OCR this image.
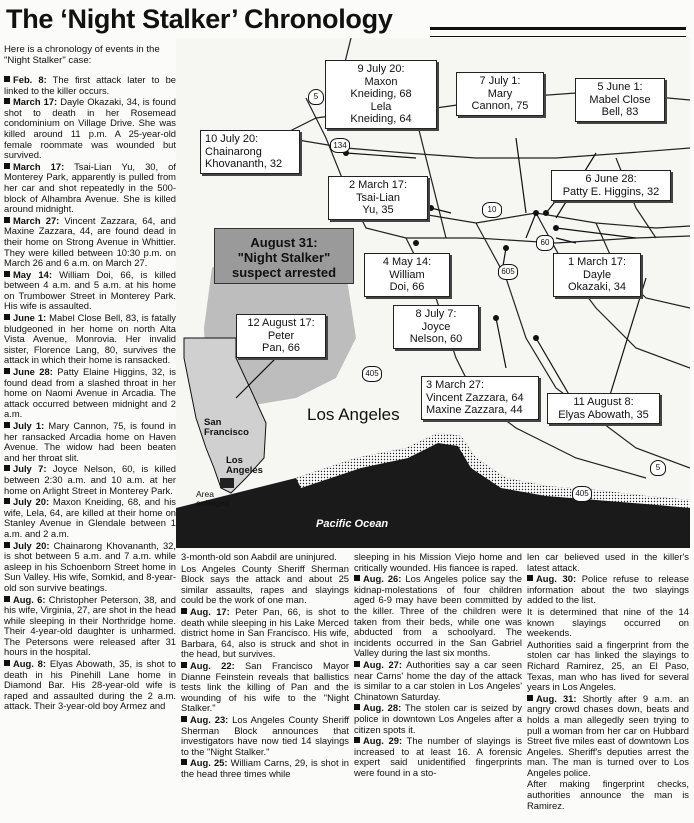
The ‘Night Stalker’ Chronology
Here is a chronology of events in the "Night Stalker" case:
Feb. 8: The first attack later to be linked to the killer occurs.
March 17: Dayle Okazaki, 34, is found shot to death in her Rosemead condominium on Village Drive. She was killed around 11 p.m. A 25-year-old female roommate was wounded but survived.
March 17: Tsai-Lian Yu, 30, of Monterey Park, apparently is pulled from her car and shot repeatedly in the 500-block of Alhambra Avenue. She is killed around midnight.
March 27: Vincent Zazzara, 64, and Maxine Zazzara, 44, are found dead in their home on Strong Avenue in Whittier. They were killed between 10:30 p.m. on March 26 and 6 a.m. on March 27.
May 14: William Doi, 66, is killed between 4 a.m. and 5 a.m. at his home on Trumbower Street in Monterey Park. His wife is assaulted.
June 1: Mabel Close Bell, 83, is fatally bludgeoned in her home on north Alta Vista Avenue, Monrovia. Her invalid sister, Florence Lang, 80, survives the attack in which their home is ransacked.
June 28: Patty Elaine Higgins, 32, is found dead from a slashed throat in her home on Naomi Avenue in Arcadia. The attack occurred between midnight and 2 a.m.
July 1: Mary Cannon, 75, is found in her ransacked Arcadia home on Haven Avenue. The widow had been beaten and her throat slit.
July 7: Joyce Nelson, 60, is killed between 2:30 a.m. and 10 a.m. at her home on Arlight Street in Monterey Park.
July 20: Maxon Kneiding, 68, and his wife, Lela, 64, are killed at their home on Stanley Avenue in Glendale between 1 a.m. and 2 a.m.
July 20: Chainarong Khovananth, 32, is shot between 5 a.m. and 7 a.m. while asleep in his Schoenborn Street home in Sun Valley. His wife, Somkid, and 8-year-old son survive beatings.
Aug. 6: Christopher Peterson, 38, and his wife, Virginia, 27, are shot in the head while sleeping in their Northridge home. Their 4-year-old daughter is unharmed. The Petersons were released after 31 hours in the hospital.
Aug. 8: Elyas Abowath, 35, is shot to death in his Pinehill Lane home in Diamond Bar. His 28-year-old wife is raped and assaulted during the 2 a.m. attack. Their 3-year-old boy Armez and
5
134
10
60
605
405
405
5
9 July 20:
Maxon
Kneiding, 68
Lela
Kneiding, 64
7 July 1:
Mary
Cannon, 75
5 June 1:
Mabel Close
Bell, 83
10 July 20:
Chainarong
Khovananth, 32
2 March 17:
Tsai-Lian
Yu, 35
6 June 28:
Patty E. Higgins, 32
4 May 14:
William
Doi, 66
1 March 17:
Dayle
Okazaki, 34
12 August 17:
Peter
Pan, 66
8 July 7:
Joyce
Nelson, 60
3 March 27:
Vincent Zazzara, 64
Maxine Zazzara, 44
11 August 8:
Elyas Abowath, 35
August 31:
"Night Stalker"
suspect arrested
Los Angeles
Pacific Ocean
San
Francisco
Los
Angeles
Area
enlarged
3-month-old son Aabdil are uninjured.
Los Angeles County Sheriff Sherman Block says the attack and about 25 similar assaults, rapes and slayings could be the work of one man.
Aug. 17: Peter Pan, 66, is shot to death while sleeping in his Lake Merced district home in San Francisco. His wife, Barbara, 64, also is struck and shot in the head, but survives.
Aug. 22: San Francisco Mayor Dianne Feinstein reveals that ballistics tests link the killing of Pan and the wounding of his wife to the "Night Stalker."
Aug. 23: Los Angeles County Sheriff Sherman Block announces that investigators have now tied 14 slayings to the "Night Stalker."
Aug. 25: William Carns, 29, is shot in the head three times while
sleeping in his Mission Viejo home and critically wounded. His fiancee is raped.
Aug. 26: Los Angeles police say the kidnap-molestations of four children aged 6-9 may have been committed by the killer. Three of the children were taken from their beds, while one was abducted from a schoolyard. The incidents occurred in the San Gabriel Valley during the last six months.
Aug. 27: Authorities say a car seen near Carns' home the day of the attack is similar to a car stolen in Los Angeles' Chinatown Saturday.
Aug. 28: The stolen car is seized by police in downtown Los Angeles after a citizen spots it.
Aug. 29: The number of slayings is increased to at least 16. A forensic expert said unidentified fingerprints were found in a sto-
len car believed used in the killer's latest attack.
Aug. 30: Police refuse to release information about the two slayings added to the list.
It is determined that nine of the 14 known slayings occurred on weekends.
Authorities said a fingerprint from the stolen car has linked the slayings to Richard Ramirez, 25, an El Paso, Texas, man who has lived for several years in Los Angeles.
Aug. 31: Shortly after 9 a.m. an angry crowd chases down, beats and holds a man allegedly seen trying to pull a woman from her car on Hubbard Street five miles east of downtown Los Angeles. Sheriff's deputies arrest the man. The man is turned over to Los Angeles police.
After making fingerprint checks, authorities announce the man is Ramirez.
